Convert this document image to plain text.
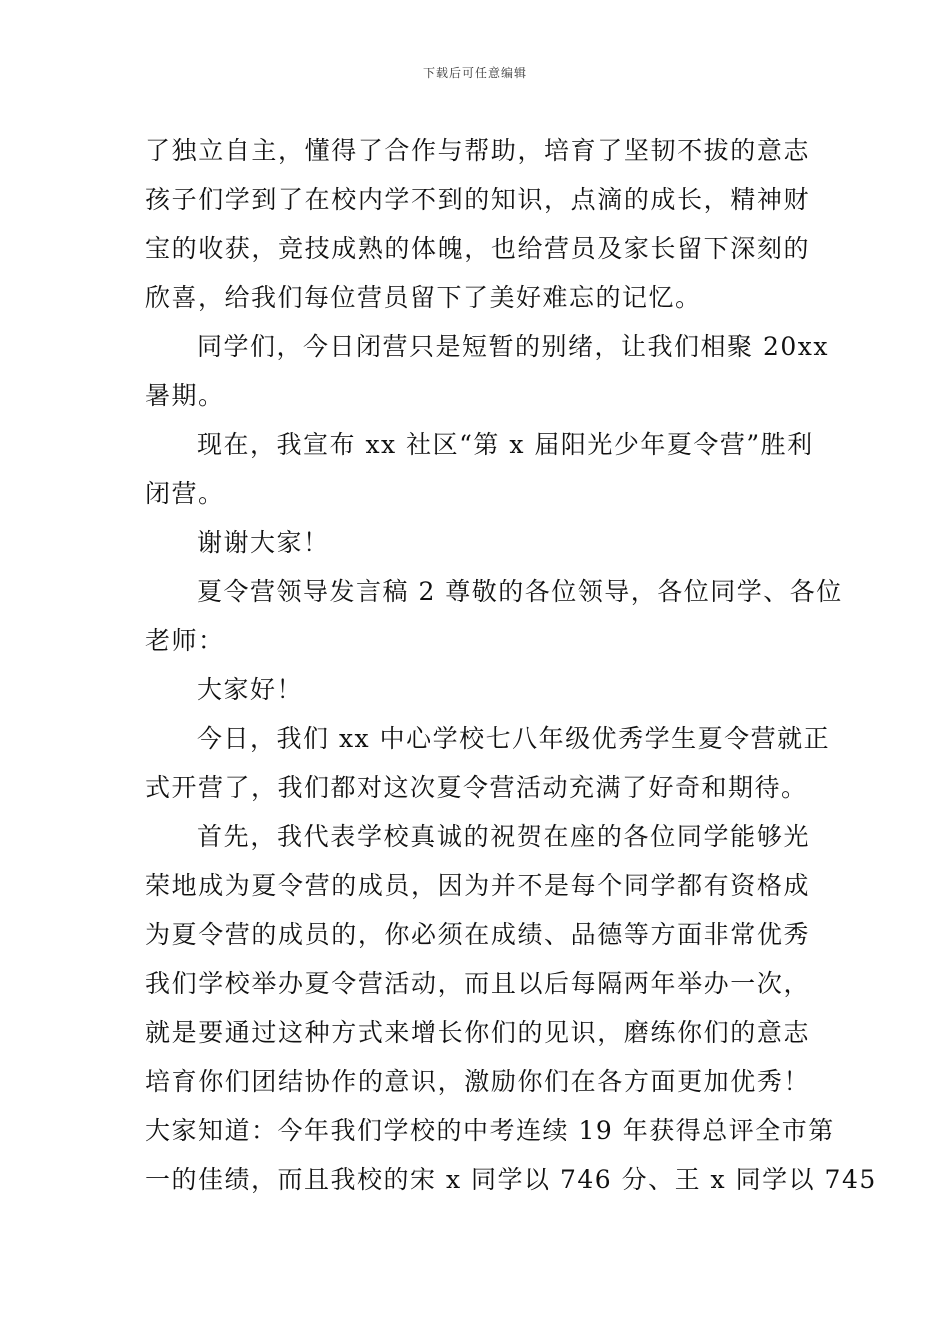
下载后可任意编辑
了独立自主，懂得了合作与帮助，培育了坚韧不拔的意志
孩子们学到了在校内学不到的知识，点滴的成长，精神财
宝的收获，竞技成熟的体魄，也给营员及家长留下深刻的
欣喜，给我们每位营员留下了美好难忘的记忆。
同学们，今日闭营只是短暂的别绪，让我们相聚 20xx
暑期。
现在，我宣布 xx 社区“第 x 届阳光少年夏令营”胜利
闭营。
谢谢大家！
夏令营领导发言稿 2 尊敬的各位领导，各位同学、各位
老师：
大家好！
今日，我们 xx 中心学校七八年级优秀学生夏令营就正
式开营了，我们都对这次夏令营活动充满了好奇和期待。
首先，我代表学校真诚的祝贺在座的各位同学能够光
荣地成为夏令营的成员，因为并不是每个同学都有资格成
为夏令营的成员的，你必须在成绩、品德等方面非常优秀
我们学校举办夏令营活动，而且以后每隔两年举办一次，
就是要通过这种方式来增长你们的见识，磨练你们的意志
培育你们团结协作的意识，激励你们在各方面更加优秀！
大家知道：今年我们学校的中考连续 19 年获得总评全市第
一的佳绩，而且我校的宋 x 同学以 746 分、王 x 同学以 745
